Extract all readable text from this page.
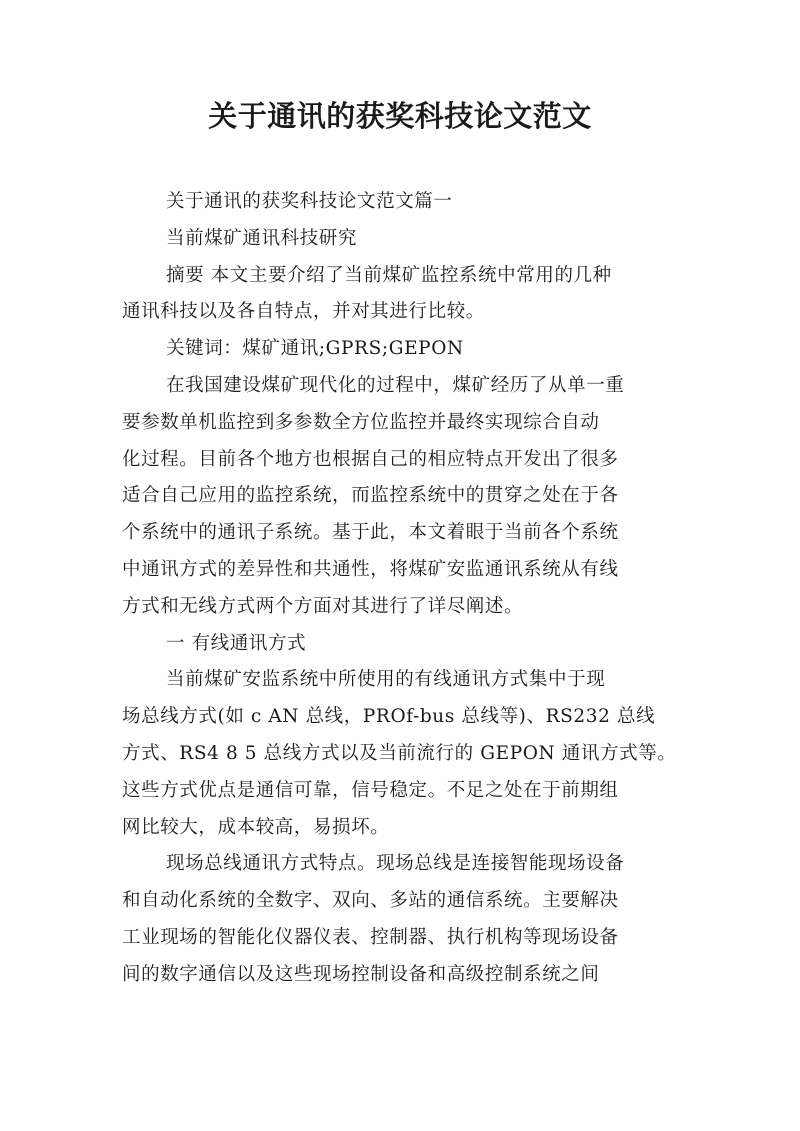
关于通讯的获奖科技论文范文
关于通讯的获奖科技论文范文篇一
当前煤矿通讯科技研究
摘要 本文主要介绍了当前煤矿监控系统中常用的几种
通讯科技以及各自特点，并对其进行比较。
关键词：煤矿通讯;GPRS;GEPON
在我国建设煤矿现代化的过程中，煤矿经历了从单一重
要参数单机监控到多参数全方位监控并最终实现综合自动
化过程。目前各个地方也根据自己的相应特点开发出了很多
适合自己应用的监控系统，而监控系统中的贯穿之处在于各
个系统中的通讯子系统。基于此，本文着眼于当前各个系统
中通讯方式的差异性和共通性，将煤矿安监通讯系统从有线
方式和无线方式两个方面对其进行了详尽阐述。
一 有线通讯方式
当前煤矿安监系统中所使用的有线通讯方式集中于现
场总线方式(如 c AN 总线，PROf-bus 总线等)、RS232 总线
方式、RS4 8 5 总线方式以及当前流行的 GEPON 通讯方式等。
这些方式优点是通信可靠，信号稳定。不足之处在于前期组
网比较大，成本较高，易损坏。
现场总线通讯方式特点。现场总线是连接智能现场设备
和自动化系统的全数字、双向、多站的通信系统。主要解决
工业现场的智能化仪器仪表、控制器、执行机构等现场设备
间的数字通信以及这些现场控制设备和高级控制系统之间
